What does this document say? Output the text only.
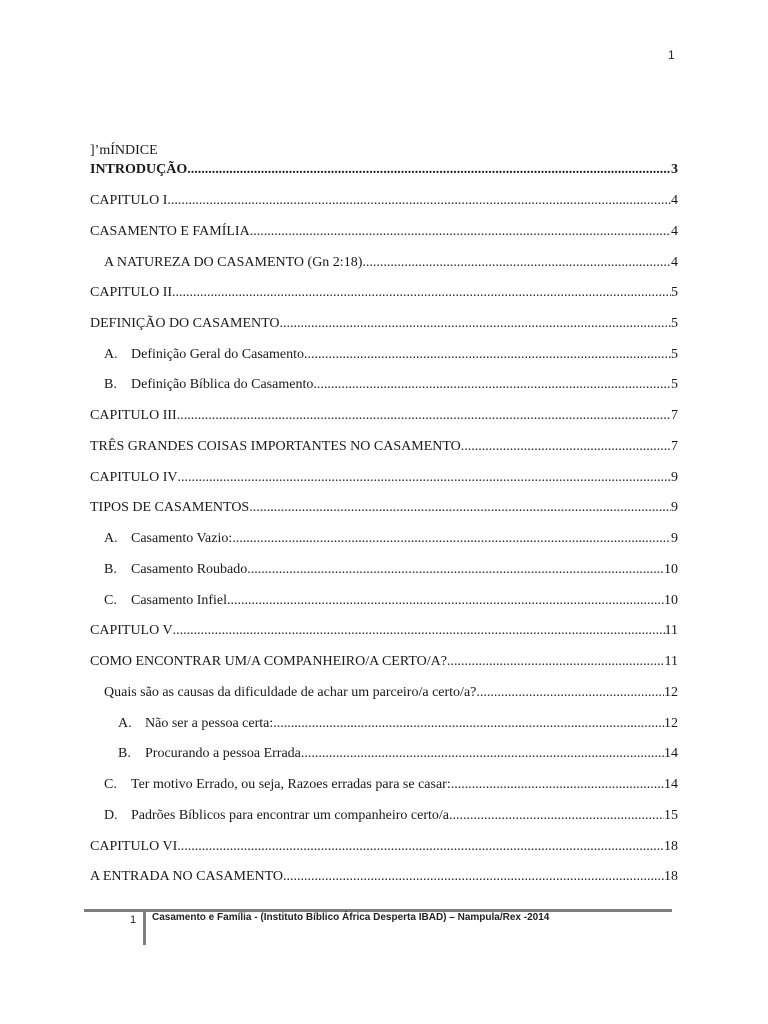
1
]’mÍNDICE
INTRODUÇÃO .....	3
CAPITULO I .....	4
CASAMENTO E FAMÍLIA .....	4
A NATUREZA DO CASAMENTO (Gn 2:18) .....	4
CAPITULO II .....	5
DEFINIÇÃO DO CASAMENTO .....	5
A. Definição Geral do Casamento .....	5
B.	Definição Bíblica do Casamento .....	5
CAPITULO III .....	7
TRÊS GRANDES COISAS IMPORTANTES NO CASAMENTO .....	7
CAPITULO IV .....	9
TIPOS DE CASAMENTOS .....	9
A. Casamento Vazio: .....	9
B.	Casamento Roubado .....	10
C.	Casamento Infiel .....	10
CAPITULO V .....	11
COMO ENCONTRAR UM/A COMPANHEIRO/A CERTO/A? .....	11
Quais são as causas da dificuldade de achar um parceiro/a certo/a? .....	12
A. Não ser a pessoa certa: .....	12
B.	Procurando a pessoa Errada .....	14
C.	Ter motivo Errado, ou seja, Razoes erradas para se casar: .....	14
D. Padrões Bíblicos para encontrar um companheiro certo/a .....	15
CAPITULO VI .....	18
A ENTRADA NO CASAMENTO .....	18
1 Casamento e Família - (Instituto Bíblico África Desperta IBAD) – Nampula/Rex -2014
